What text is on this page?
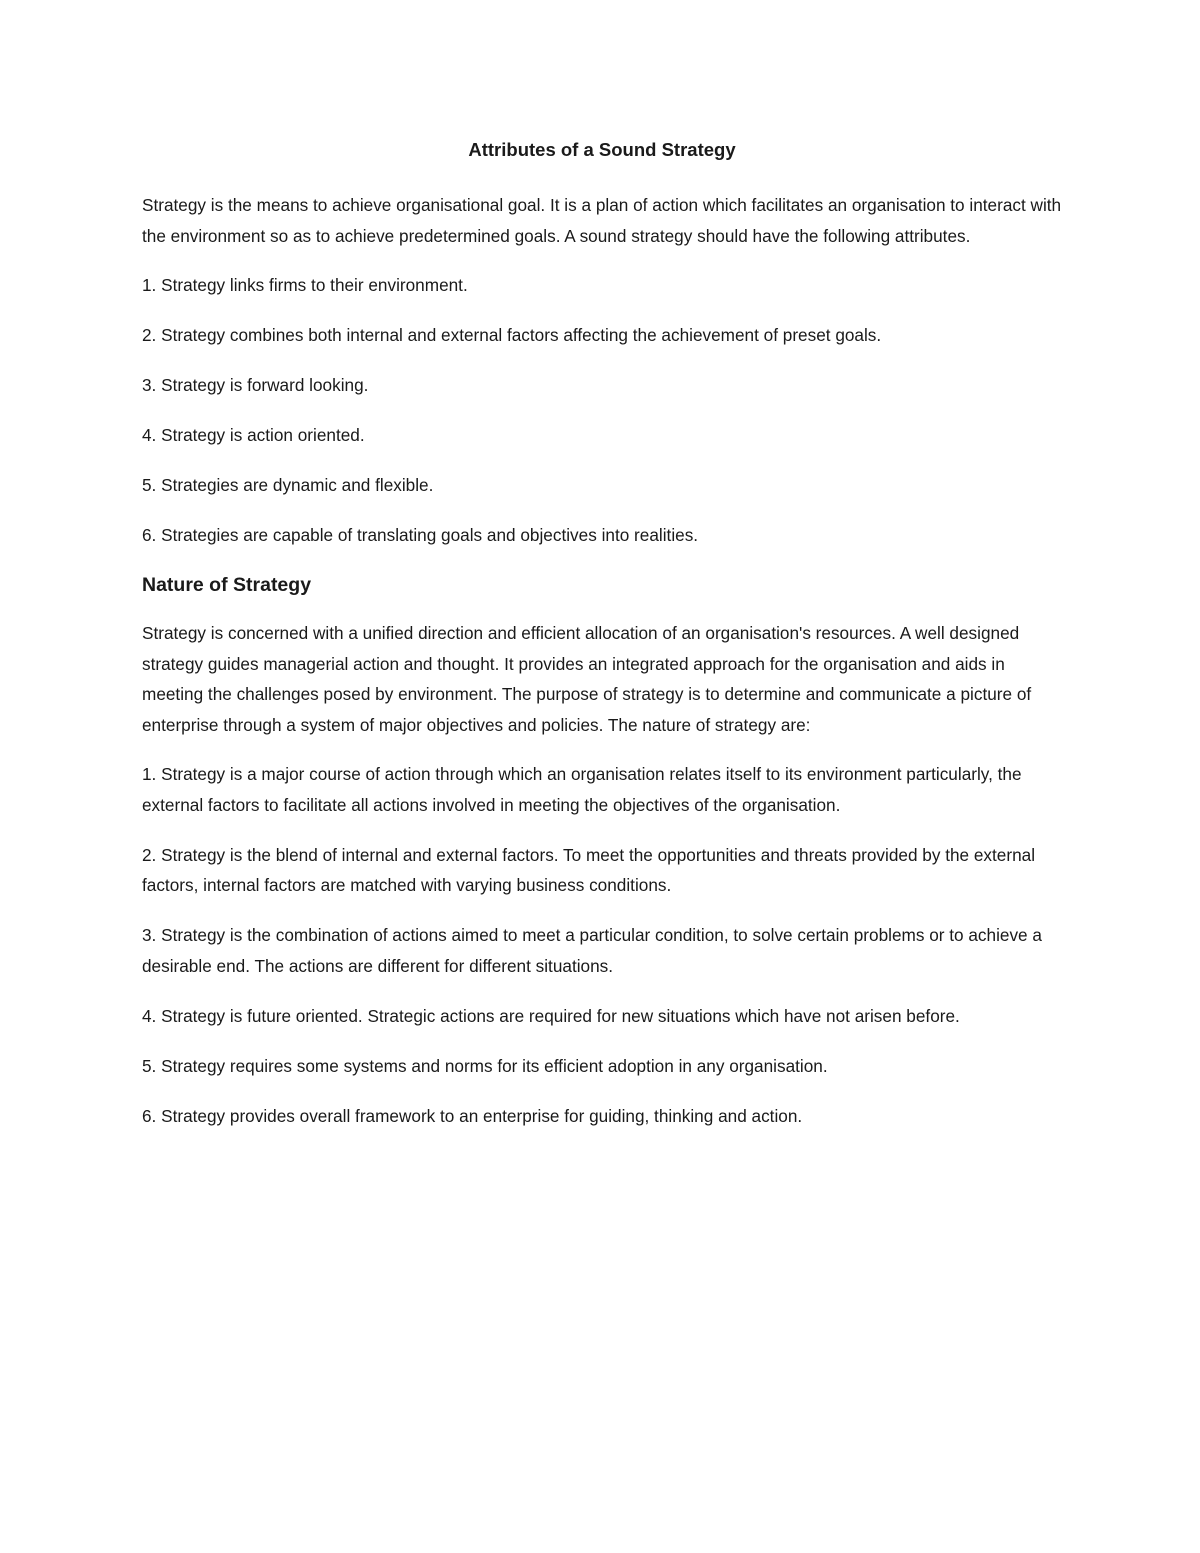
Attributes of a Sound Strategy

Strategy is the means to achieve organisational goal. It is a plan of action which facilitates an organisation to interact with the environment so as to achieve predetermined goals. A sound strategy should have the following attributes.

1. Strategy links firms to their environment.

2. Strategy combines both internal and external factors affecting the achievement of preset goals.

3. Strategy is forward looking.

4. Strategy is action oriented.

5. Strategies are dynamic and flexible.

6. Strategies are capable of translating goals and objectives into realities.

Nature of Strategy

Strategy is concerned with a unified direction and efficient allocation of an organisation's resources. A well designed strategy guides managerial action and thought. It provides an integrated approach for the organisation and aids in meeting the challenges posed by environment. The purpose of strategy is to determine and communicate a picture of enterprise through a system of major objectives and policies. The nature of strategy are:

1. Strategy is a major course of action through which an organisation relates itself to its environment particularly, the external factors to facilitate all actions involved in meeting the objectives of the organisation.

2. Strategy is the blend of internal and external factors. To meet the opportunities and threats provided by the external factors, internal factors are matched with varying business conditions.

3. Strategy is the combination of actions aimed to meet a particular condition, to solve certain problems or to achieve a desirable end. The actions are different for different situations.

4. Strategy is future oriented. Strategic actions are required for new situations which have not arisen before.

5. Strategy requires some systems and norms for its efficient adoption in any organisation.

6. Strategy provides overall framework to an enterprise for guiding, thinking and action.
